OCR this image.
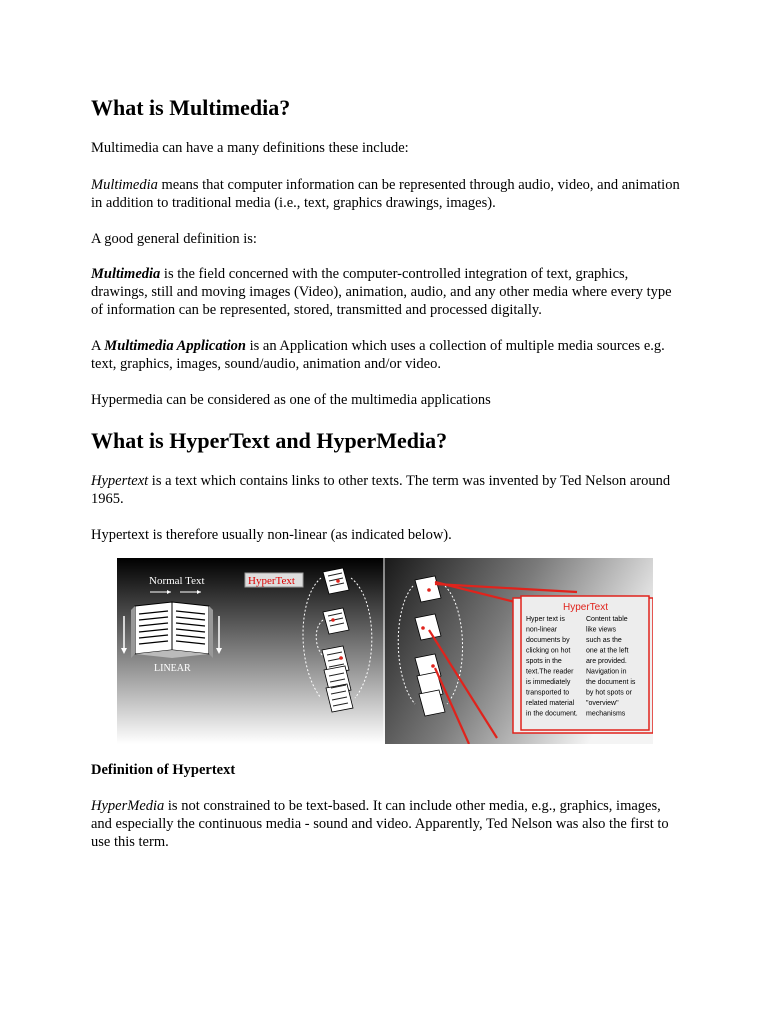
What is Multimedia?

Multimedia can have a many definitions these include:

Multimedia means that computer information can be represented through audio, video, and animation in addition to traditional media (i.e., text, graphics drawings, images).

A good general definition is:

Multimedia is the field concerned with the computer-controlled integration of text, graphics, drawings, still and moving images (Video), animation, audio, and any other media where every type of information can be represented, stored, transmitted and processed digitally.

A Multimedia Application is an Application which uses a collection of multiple media sources e.g. text, graphics, images, sound/audio, animation and/or video.

Hypermedia can be considered as one of the multimedia applications

What is HyperText and HyperMedia?

Hypertext is a text which contains links to other texts. The term was invented by Ted Nelson around 1965.

Hypertext is therefore usually non-linear (as indicated below).

Normal Text
LINEAR
HyperText
HyperText
Hyper text is
non-linear
documents by
clicking on hot
spots in the
text.The reader
is immediately
transported to
related material
in the document.
Content table
like views
such as the
one at the left
are provided.
Navigation in
the document is
by hot spots or
"overview"
mechanisms
Definition of Hypertext

HyperMedia is not constrained to be text-based. It can include other media, e.g., graphics, images, and especially the continuous media - sound and video. Apparently, Ted Nelson was also the first to use this term.
